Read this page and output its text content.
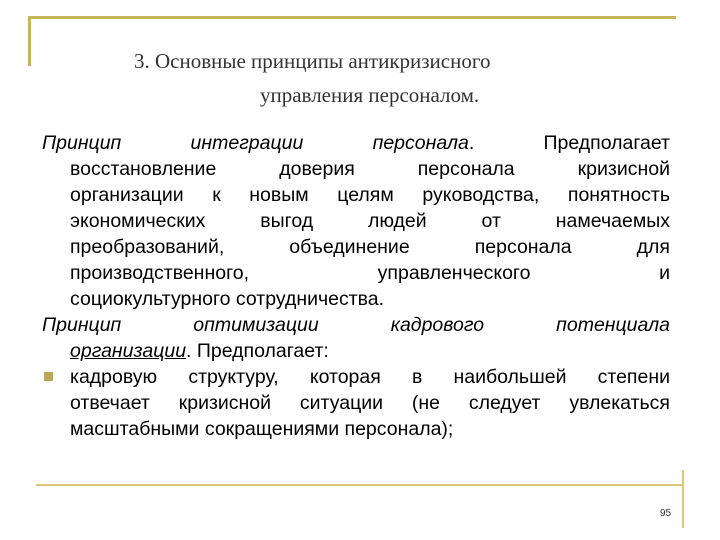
3. Основные принципы антикризисного
управления персоналом.
Принцип интеграции персонала. Предполагает
восстановление доверия персонала кризисной
организации к новым целям руководства, понятность
экономических выгод людей от намечаемых
преобразований, объединение персонала для
производственного, управленческого и
социокультурного сотрудничества.
Принцип оптимизации кадрового потенциала
организации. Предполагает:
кадровую структуру, которая в наибольшей степени
отвечает кризисной ситуации (не следует увлекаться
масштабными сокращениями персонала);
95
